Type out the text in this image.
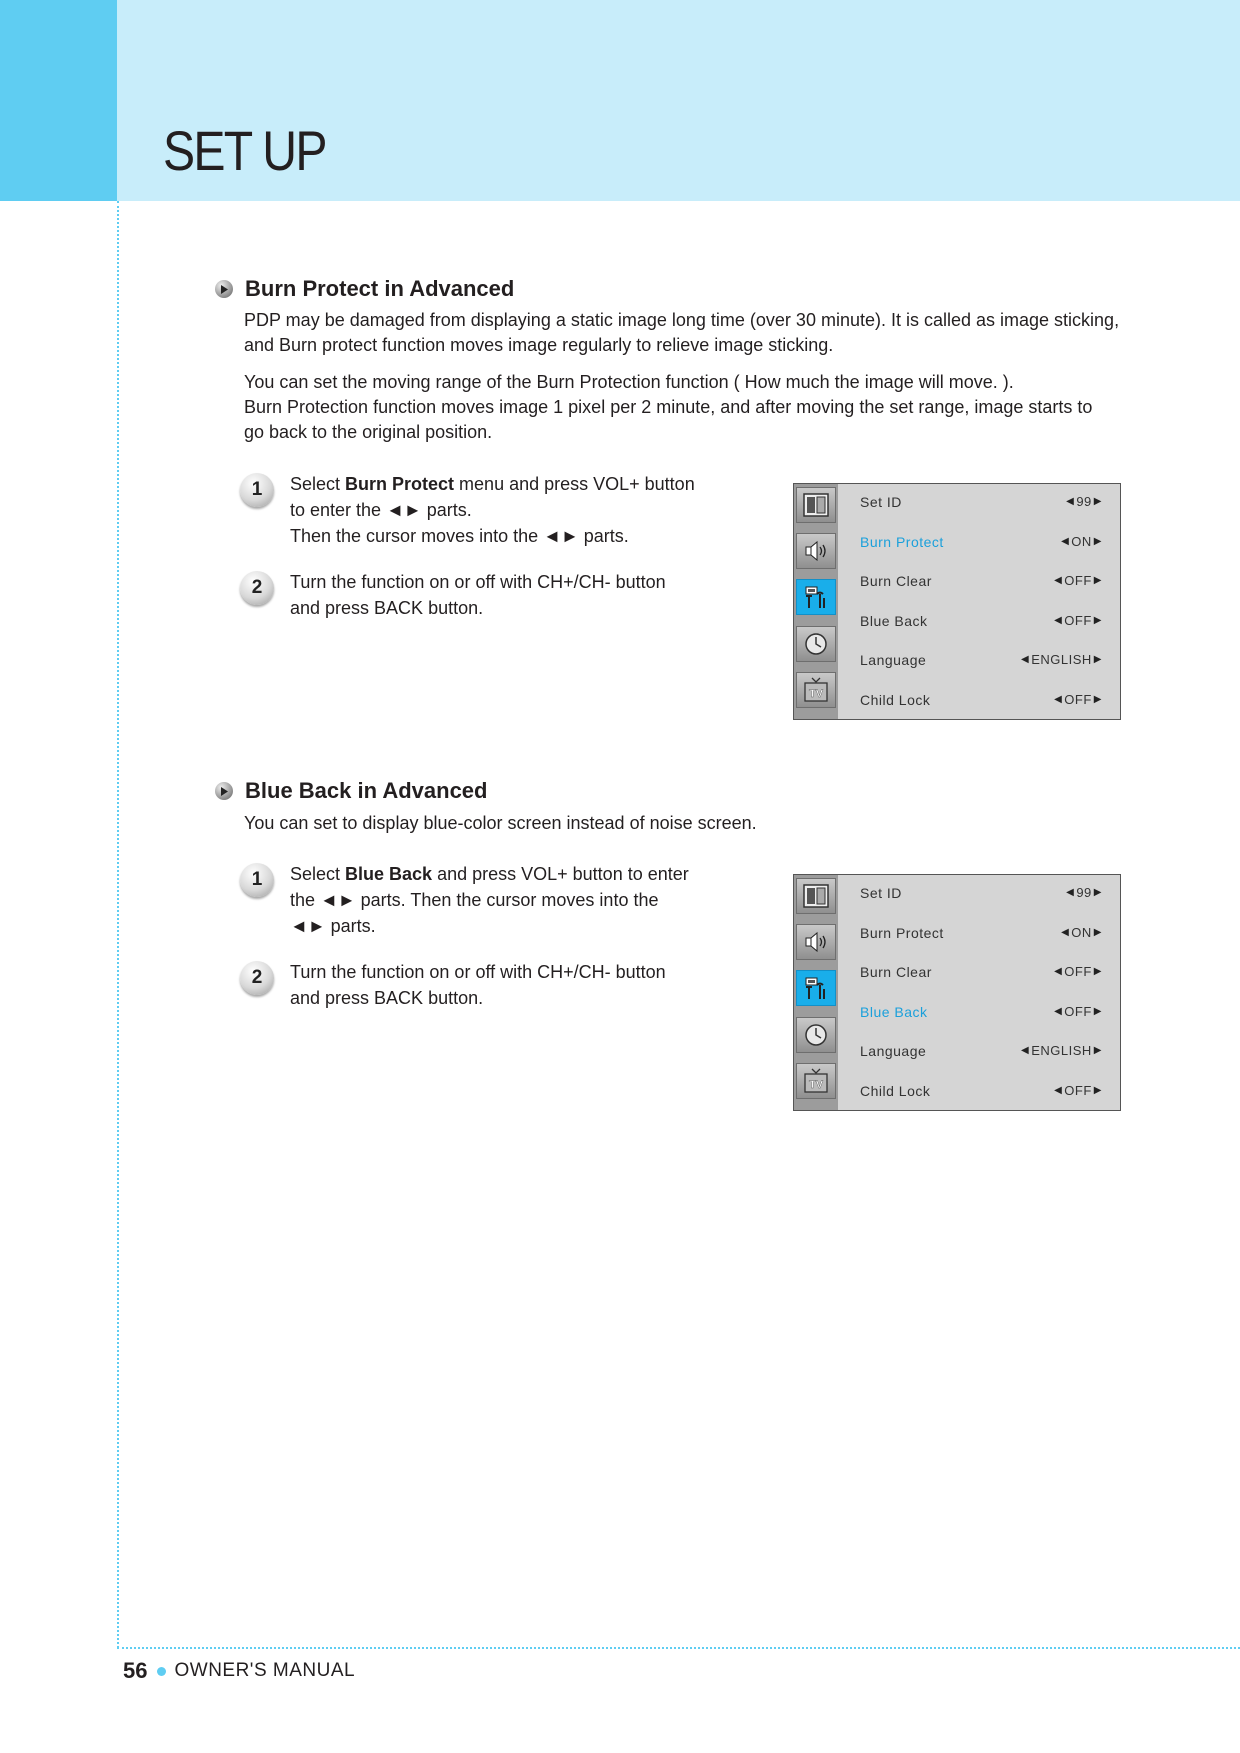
SET UP
Burn Protect in Advanced
PDP may be damaged from displaying a static image long time (over 30 minute). It is called as image sticking,
and Burn protect function moves image regularly to relieve image sticking.
You can set the moving range of the Burn Protection function ( How much the image will move. ).
Burn Protection function moves image 1 pixel per 2 minute, and after moving the set range, image starts to
go back to the original position.
1	Select Burn Protect menu and press VOL+ button
to enter the ◄► parts.
Then the cursor moves into the ◄► parts.
2	Turn the function on or off with CH+/CH- button
and press BACK button.
TV
Set ID	◀ 99 ▶
Burn Protect	◀ ON ▶
Burn Clear	◀ OFF ▶
Blue Back	◀ OFF ▶
Language	◀ ENGLISH ▶
Child Lock	◀ OFF ▶
Blue Back in Advanced
You can set to display blue-color screen instead of noise screen.
1	Select Blue Back and press VOL+ button to enter
the ◄► parts. Then the cursor moves into the
◄► parts.
2	Turn the function on or off with CH+/CH- button
and press BACK button.
TV
Set ID	◀ 99 ▶
Burn Protect	◀ ON ▶
Burn Clear	◀ OFF ▶
Blue Back	◀ OFF ▶
Language	◀ ENGLISH ▶
Child Lock	◀ OFF ▶
56 OWNER'S MANUAL
